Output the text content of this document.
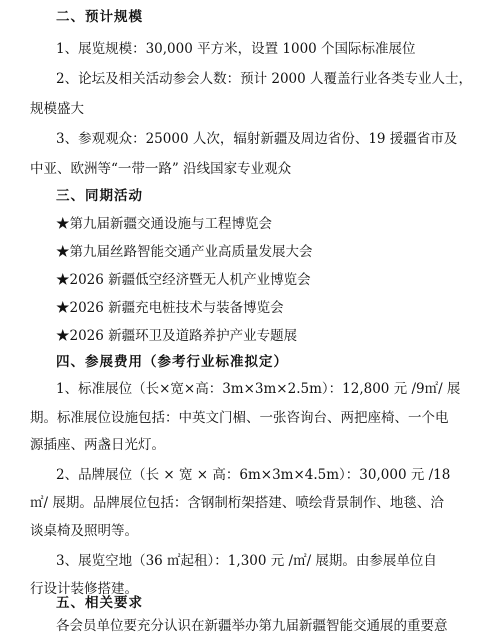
二、预计规模
1、展览规模：30,000 平方米，设置 1000 个国际标准展位
2、论坛及相关活动参会人数：预计 2000 人覆盖行业各类专业人士，
规模盛大
3、参观观众：25000 人次，辐射新疆及周边省份、19 援疆省市及
中亚、欧洲等“一带一路” 沿线国家专业观众
三、同期活动
★第九届新疆交通设施与工程博览会
★第九届丝路智能交通产业高质量发展大会
★2026 新疆低空经济暨无人机产业博览会
★2026 新疆充电桩技术与装备博览会
★2026 新疆环卫及道路养护产业专题展
四、参展费用（参考行业标准拟定）
1、标准展位（长×宽×高：3m×3m×2.5m）：12,800 元 /9㎡/ 展
期。标准展位设施包括：中英文门楣、一张咨询台、两把座椅、一个电
源插座、两盏日光灯。
2、品牌展位（长 × 宽 × 高：6m×3m×4.5m）：30,000 元 /18
㎡/ 展期。品牌展位包括：含钢制桁架搭建、喷绘背景制作、地毯、洽
谈桌椅及照明等。
3、展览空地（36 ㎡起租）：1,300 元 /㎡/ 展期。由参展单位自
行设计装修搭建。
五、相关要求
各会员单位要充分认识在新疆举办第九届新疆智能交通展的重要意
